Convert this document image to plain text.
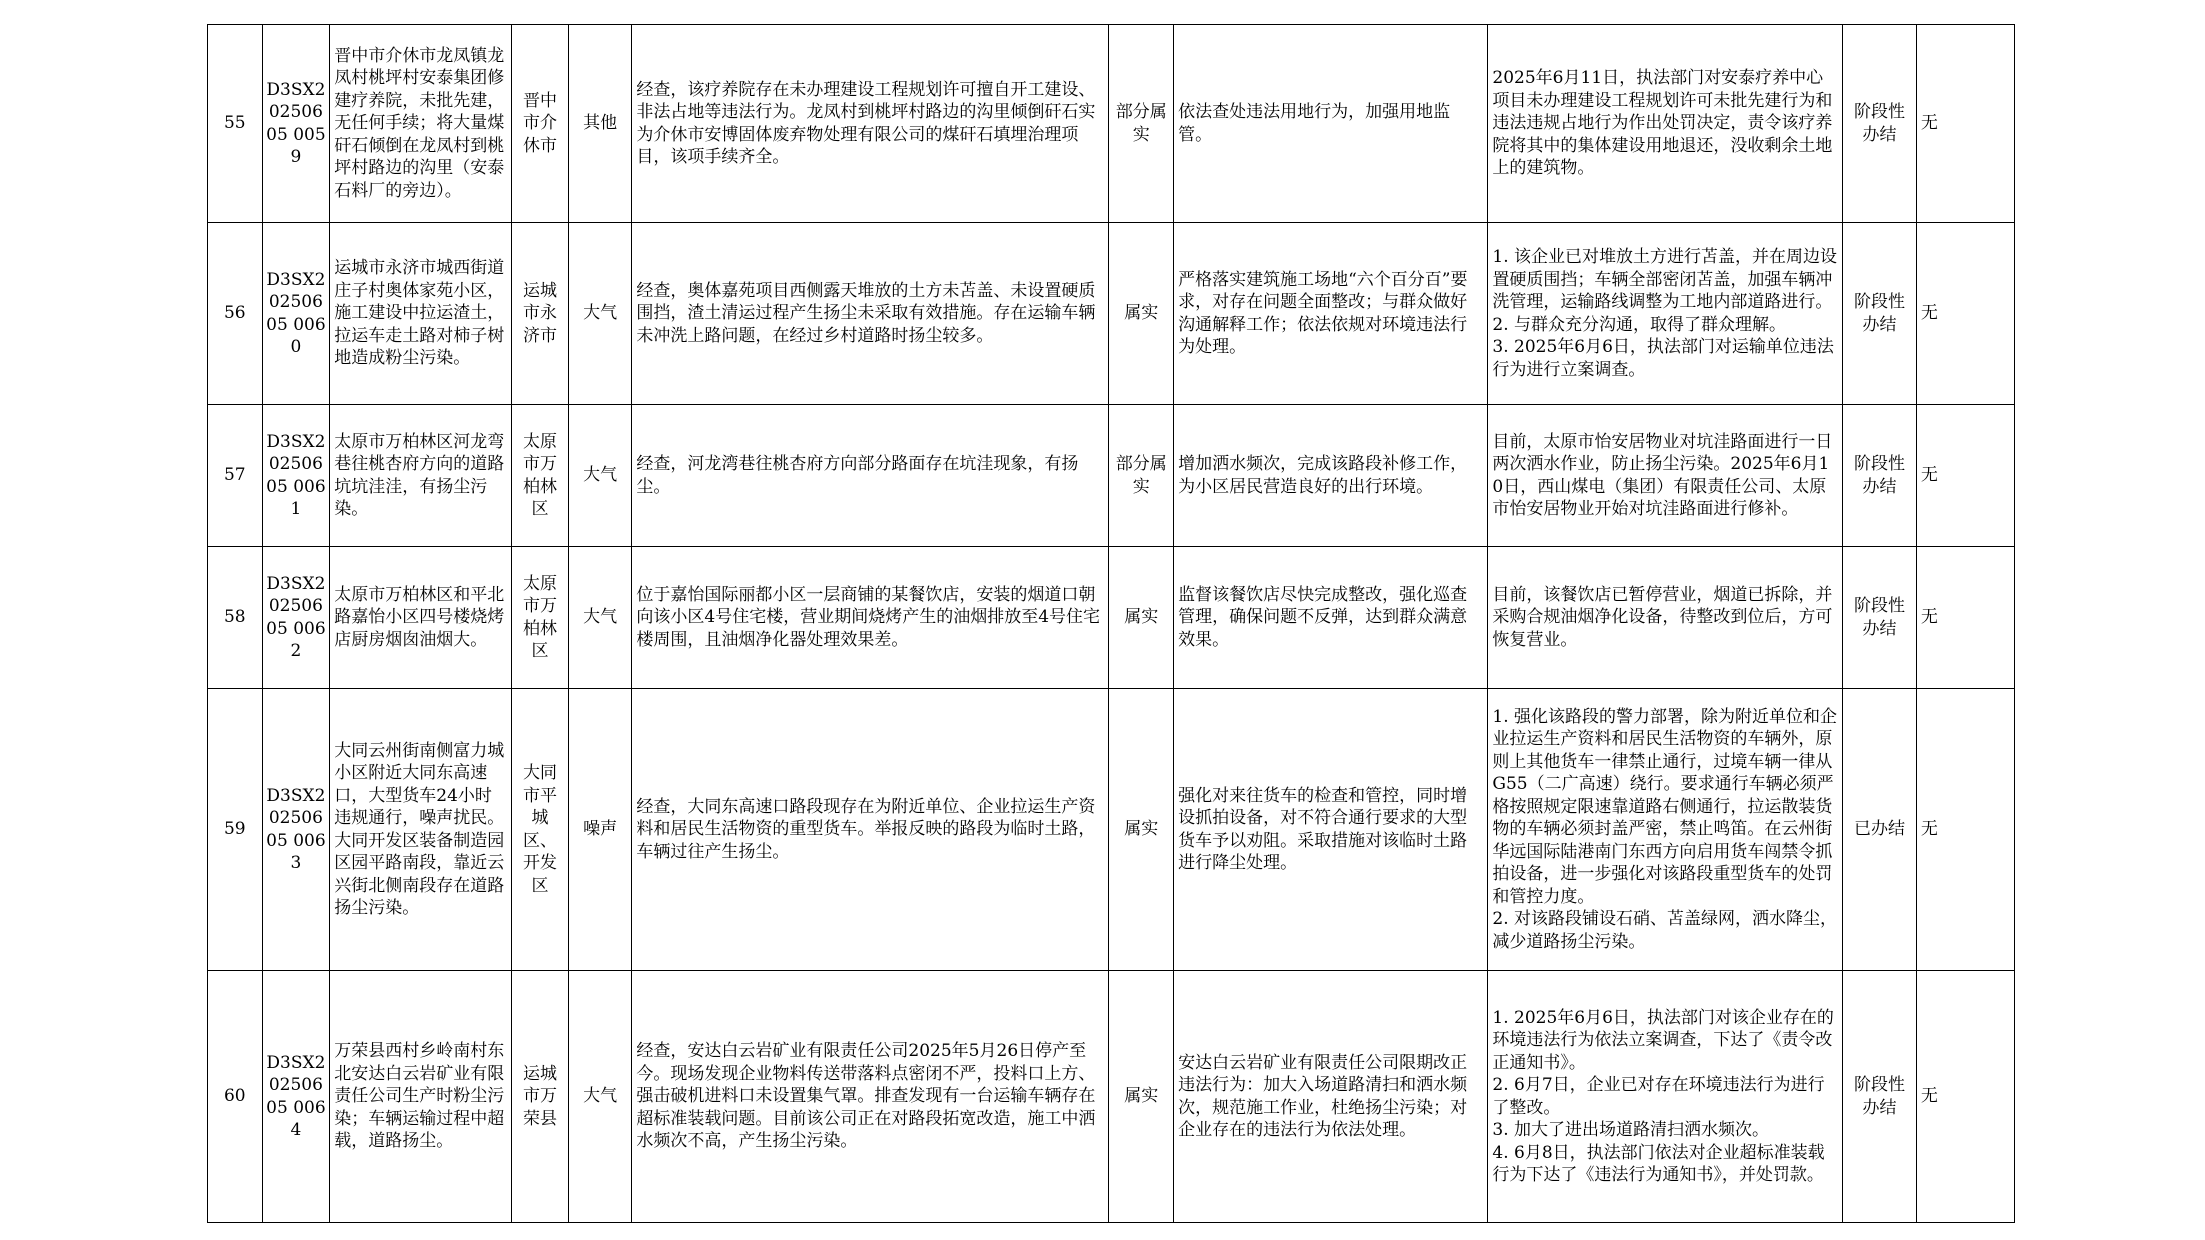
55	D3SX20250605 0059	晋中市介休市龙凤镇龙凤村桃坪村安泰集团修建疗养院，未批先建，无任何手续；将大量煤矸石倾倒在龙凤村到桃坪村路边的沟里（安泰石料厂的旁边）。	晋中市介休市	其他	经查，该疗养院存在未办理建设工程规划许可擅自开工建设、非法占地等违法行为。龙凤村到桃坪村路边的沟里倾倒矸石实为介休市安博固体废弃物处理有限公司的煤矸石填埋治理项目，该项手续齐全。	部分属实	依法查处违法用地行为，加强用地监管。	2025年6月11日，执法部门对安泰疗养中心项目未办理建设工程规划许可未批先建行为和违法违规占地行为作出处罚决定，责令该疗养院将其中的集体建设用地退还，没收剩余土地上的建筑物。	阶段性办结	无
56	D3SX20250605 0060	运城市永济市城西街道庄子村奥体家苑小区，施工建设中拉运渣土，拉运车走土路对柿子树地造成粉尘污染。	运城市永济市	大气	经查，奥体嘉苑项目西侧露天堆放的土方未苫盖、未设置硬质围挡，渣土清运过程产生扬尘未采取有效措施。存在运输车辆未冲洗上路问题，在经过乡村道路时扬尘较多。	属实	严格落实建筑施工场地“六个百分百”要求，对存在问题全面整改；与群众做好沟通解释工作；依法依规对环境违法行为处理。	1. 该企业已对堆放土方进行苫盖，并在周边设置硬质围挡；车辆全部密闭苫盖，加强车辆冲洗管理，运输路线调整为工地内部道路进行。
2. 与群众充分沟通，取得了群众理解。
3. 2025年6月6日，执法部门对运输单位违法行为进行立案调查。	阶段性办结	无
57	D3SX20250605 0061	太原市万柏林区河龙弯巷往桃杏府方向的道路坑坑洼洼，有扬尘污染。	太原市万柏林区	大气	经查，河龙湾巷往桃杏府方向部分路面存在坑洼现象，有扬尘。	部分属实	增加洒水频次，完成该路段补修工作，为小区居民营造良好的出行环境。	目前，太原市怡安居物业对坑洼路面进行一日两次洒水作业，防止扬尘污染。2025年6月10日，西山煤电（集团）有限责任公司、太原市怡安居物业开始对坑洼路面进行修补。	阶段性办结	无
58	D3SX20250605 0062	太原市万柏林区和平北路嘉怡小区四号楼烧烤店厨房烟囱油烟大。	太原市万柏林区	大气	位于嘉怡国际丽都小区一层商铺的某餐饮店，安装的烟道口朝向该小区4号住宅楼，营业期间烧烤产生的油烟排放至4号住宅楼周围，且油烟净化器处理效果差。	属实	监督该餐饮店尽快完成整改，强化巡查管理，确保问题不反弹，达到群众满意效果。	目前，该餐饮店已暂停营业，烟道已拆除，并采购合规油烟净化设备，待整改到位后，方可恢复营业。	阶段性办结	无
59	D3SX20250605 0063	大同云州街南侧富力城小区附近大同东高速口，大型货车24小时违规通行，噪声扰民。大同开发区装备制造园区园平路南段，靠近云兴街北侧南段存在道路扬尘污染。	大同市平城区、开发区	噪声	经查，大同东高速口路段现存在为附近单位、企业拉运生产资料和居民生活物资的重型货车。举报反映的路段为临时土路，车辆过往产生扬尘。	属实	强化对来往货车的检查和管控，同时增设抓拍设备，对不符合通行要求的大型货车予以劝阻。采取措施对该临时土路进行降尘处理。	1. 强化该路段的警力部署，除为附近单位和企业拉运生产资料和居民生活物资的车辆外，原则上其他货车一律禁止通行，过境车辆一律从G55（二广高速）绕行。要求通行车辆必须严格按照规定限速靠道路右侧通行，拉运散装货物的车辆必须封盖严密，禁止鸣笛。在云州街华远国际陆港南门东西方向启用货车闯禁令抓拍设备，进一步强化对该路段重型货车的处罚和管控力度。
2. 对该路段铺设石硝、苫盖绿网，洒水降尘，减少道路扬尘污染。	已办结	无
60	D3SX20250605 0064	万荣县西村乡岭南村东北安达白云岩矿业有限责任公司生产时粉尘污染；车辆运输过程中超载，道路扬尘。	运城市万荣县	大气	经查，安达白云岩矿业有限责任公司2025年5月26日停产至今。现场发现企业物料传送带落料点密闭不严，投料口上方、强击破机进料口未设置集气罩。排查发现有一台运输车辆存在超标准装载问题。目前该公司正在对路段拓宽改造，施工中洒水频次不高，产生扬尘污染。	属实	安达白云岩矿业有限责任公司限期改正违法行为：加大入场道路清扫和洒水频次，规范施工作业，杜绝扬尘污染；对企业存在的违法行为依法处理。	1. 2025年6月6日，执法部门对该企业存在的环境违法行为依法立案调查，下达了《责令改正通知书》。
2. 6月7日，企业已对存在环境违法行为进行了整改。
3. 加大了进出场道路清扫洒水频次。
4. 6月8日，执法部门依法对企业超标准装载行为下达了《违法行为通知书》，并处罚款。	阶段性办结	无
